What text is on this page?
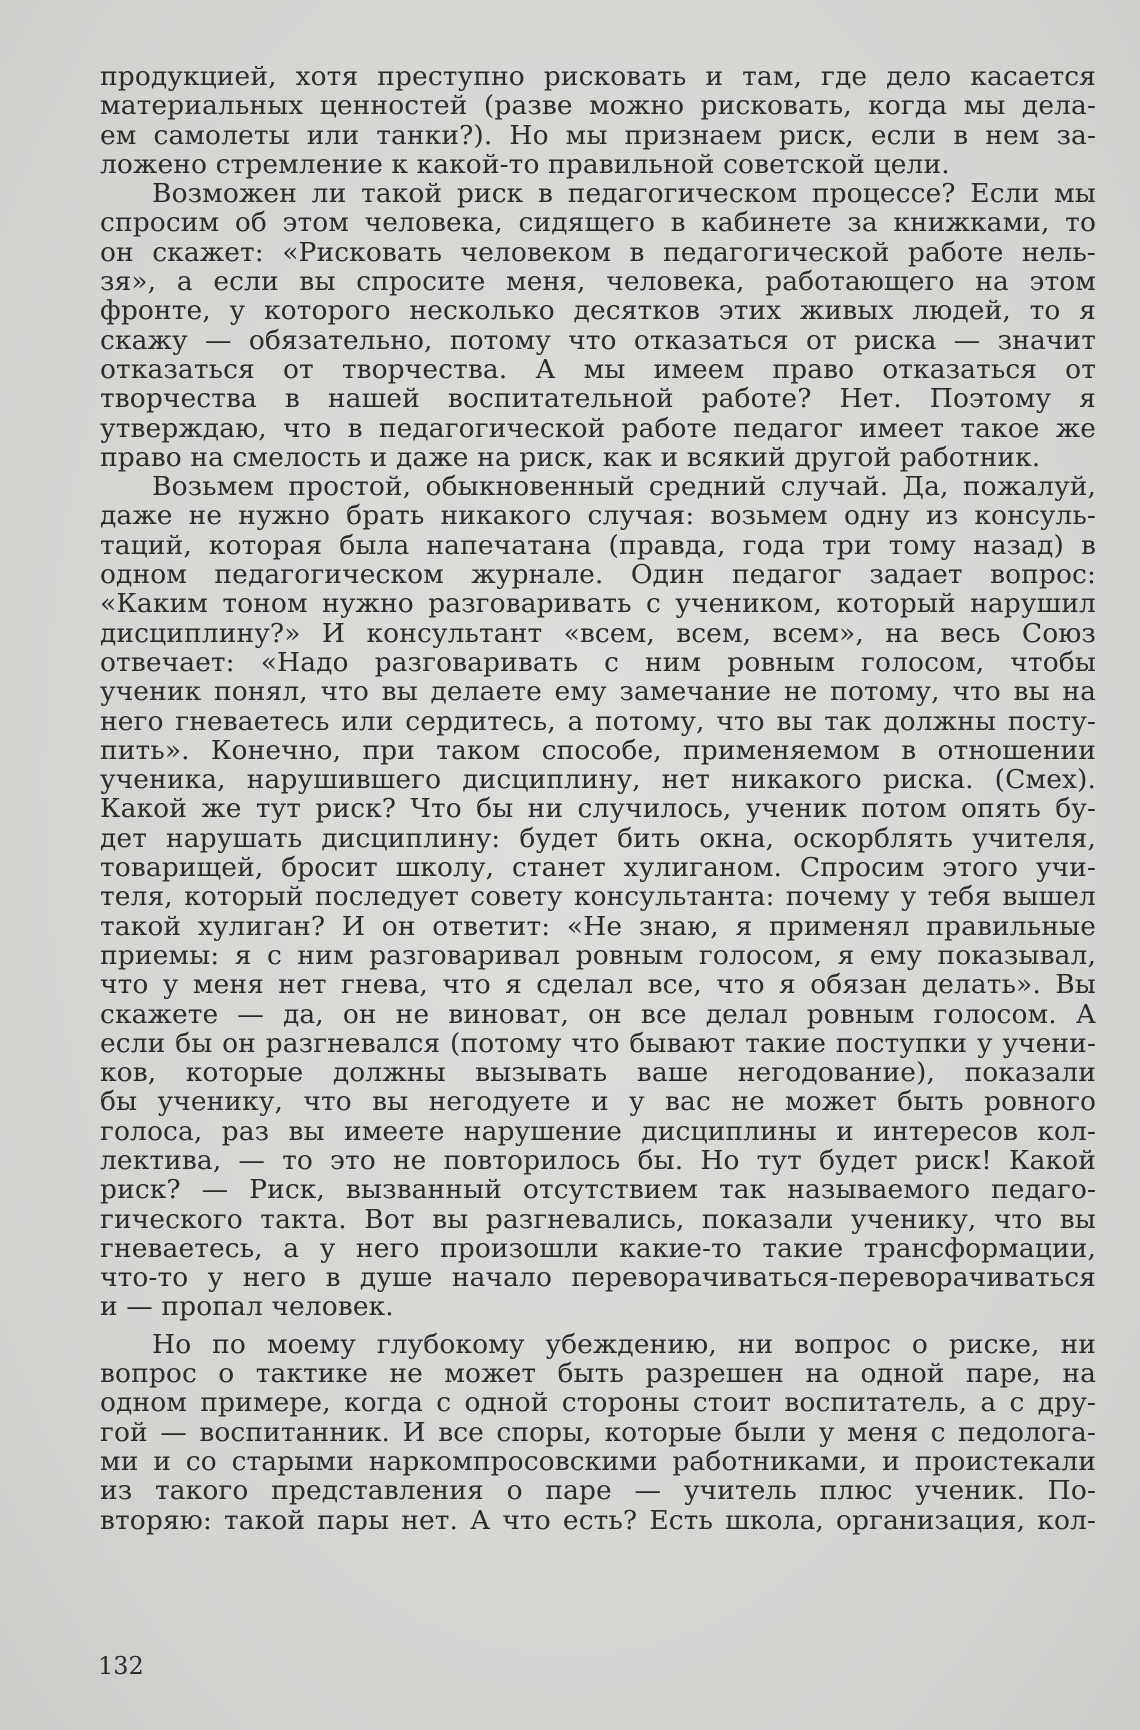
продукцией, хотя преступно рисковать и там, где дело касается
материальных ценностей (разве можно рисковать, когда мы дела-
ем самолеты или танки?). Но мы признаем риск, если в нем за-
ложено стремление к какой-то правильной советской цели.
Возможен ли такой риск в педагогическом процессе? Если мы
спросим об этом человека, сидящего в кабинете за книжками, то
он скажет: «Рисковать человеком в педагогической работе нель-
зя», а если вы спросите меня, человека, работающего на этом
фронте, у которого несколько десятков этих живых людей, то я
скажу — обязательно, потому что отказаться от риска — значит
отказаться от творчества. А мы имеем право отказаться от
творчества в нашей воспитательной работе? Нет. Поэтому я
утверждаю, что в педагогической работе педагог имеет такое же
право на смелость и даже на риск, как и всякий другой работник.
Возьмем простой, обыкновенный средний случай. Да, пожалуй,
даже не нужно брать никакого случая: возьмем одну из консуль-
таций, которая была напечатана (правда, года три тому назад) в
одном педагогическом журнале. Один педагог задает вопрос:
«Каким тоном нужно разговаривать с учеником, который нарушил
дисциплину?» И консультант «всем, всем, всем», на весь Союз
отвечает: «Надо разговаривать с ним ровным голосом, чтобы
ученик понял, что вы делаете ему замечание не потому, что вы на
него гневаетесь или сердитесь, а потому, что вы так должны посту-
пить». Конечно, при таком способе, применяемом в отношении
ученика, нарушившего дисциплину, нет никакого риска. (Смех).
Какой же тут риск? Что бы ни случилось, ученик потом опять бу-
дет нарушать дисциплину: будет бить окна, оскорблять учителя,
товарищей, бросит школу, станет хулиганом. Спросим этого учи-
теля, который последует совету консультанта: почему у тебя вышел
такой хулиган? И он ответит: «Не знаю, я применял правильные
приемы: я с ним разговаривал ровным голосом, я ему показывал,
что у меня нет гнева, что я сделал все, что я обязан делать». Вы
скажете — да, он не виноват, он все делал ровным голосом. А
если бы он разгневался (потому что бывают такие поступки у учени-
ков, которые должны вызывать ваше негодование), показали
бы ученику, что вы негодуете и у вас не может быть ровного
голоса, раз вы имеете нарушение дисциплины и интересов кол-
лектива, — то это не повторилось бы. Но тут будет риск! Какой
риск? — Риск, вызванный отсутствием так называемого педаго-
гического такта. Вот вы разгневались, показали ученику, что вы
гневаетесь, а у него произошли какие-то такие трансформации,
что-то у него в душе начало переворачиваться-переворачиваться
и — пропал человек.
Но по моему глубокому убеждению, ни вопрос о риске, ни
вопрос о тактике не может быть разрешен на одной паре, на
одном примере, когда с одной стороны стоит воспитатель, а с дру-
гой — воспитанник. И все споры, которые были у меня с педолога-
ми и со старыми наркомпросовскими работниками, и проистекали
из такого представления о паре — учитель плюс ученик. По-
вторяю: такой пары нет. А что есть? Есть школа, организация, кол-
132
